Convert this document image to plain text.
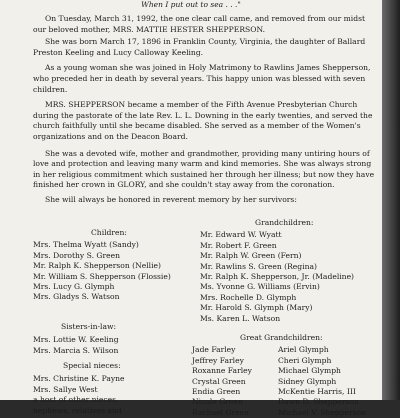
When I put out to sea . . ."

On Tuesday, March 31, 1992, the one clear call came, and removed from our midst our beloved mother, MRS. MATTIE HESTER SHEPPERSON.

She was born March 17, 1896 in Franklin County, Virginia, the daughter of Ballard Preston Keeling and Lucy Calloway Keeling.

As a young woman she was joined in Holy Matrimony to Rawlins James Shepperson, who preceded her in death by several years. This happy union was blessed with seven children.

MRS. SHEPPERSON became a member of the Fifth Avenue Presbyterian Church during the pastorate of the late Rev. L. L. Downing in the early twenties, and served the church faithfully until she became disabled. She served as a member of the Women's organizations and on the Deacon Board.

She was a devoted wife, mother and grandmother, providing many untiring hours of love and protection and leaving many warm and kind memories. She was always strong in her religious commitment which sustained her through her illness; but now they have finished her crown in GLORY, and she couldn't stay away from the coronation.

She will always be honored in reverent memory by her survivors:

Children:
Mrs. Thelma Wyatt (Sandy)
Mrs. Dorothy S. Green
Mr. Ralph K. Shepperson (Nellie)
Mr. William S. Shepperson (Flossie)
Mrs. Lucy G. Glymph
Mrs. Gladys S. Watson
Grandchildren:
Mr. Edward W. Wyatt
Mr. Robert F. Green
Mr. Ralph W. Green (Fern)
Mr. Rawlins S. Green (Regina)
Mr. Ralph K. Shepperson, Jr. (Madeline)
Ms. Yvonne G. Williams (Ervin)
Mrs. Rochelle D. Glymph
Mr. Harold S. Glymph (Mary)
Ms. Karen L. Watson
Sisters-in-law:
Mrs. Lottie W. Keeling
Mrs. Marcia S. Wilson
Special nieces:
Mrs. Christine K. Payne
Mrs. Sallye West
a host of other nieces,
nephews, relatives and
Great Grandchildren:
Jade Farley
Jeffrey Farley
Roxanne Farley
Crystal Green
Endia Green
Nicole Green
Rachael Green
Ariel Glymph
Cheri Glymph
Michael Glymph
Sidney Glymph
McKentie Harris, III
Dawn D. Shepperson
Michael V. Shepperson
